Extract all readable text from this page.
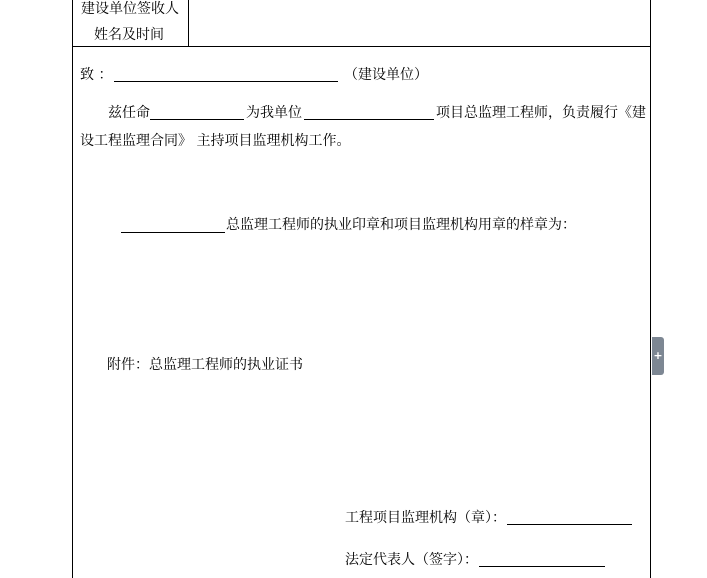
建设单位签收人
姓名及时间
致 ：	（建设单位）
兹任命	为我单位	项目总监理工程师，负责履行《建
设工程监理合同》 主持项目监理机构工作。
总监理工程师的执业印章和项目监理机构用章的样章为：
附件：总监理工程师的执业证书
工程项目监理机构（章）：
法定代表人（签字）：
+
